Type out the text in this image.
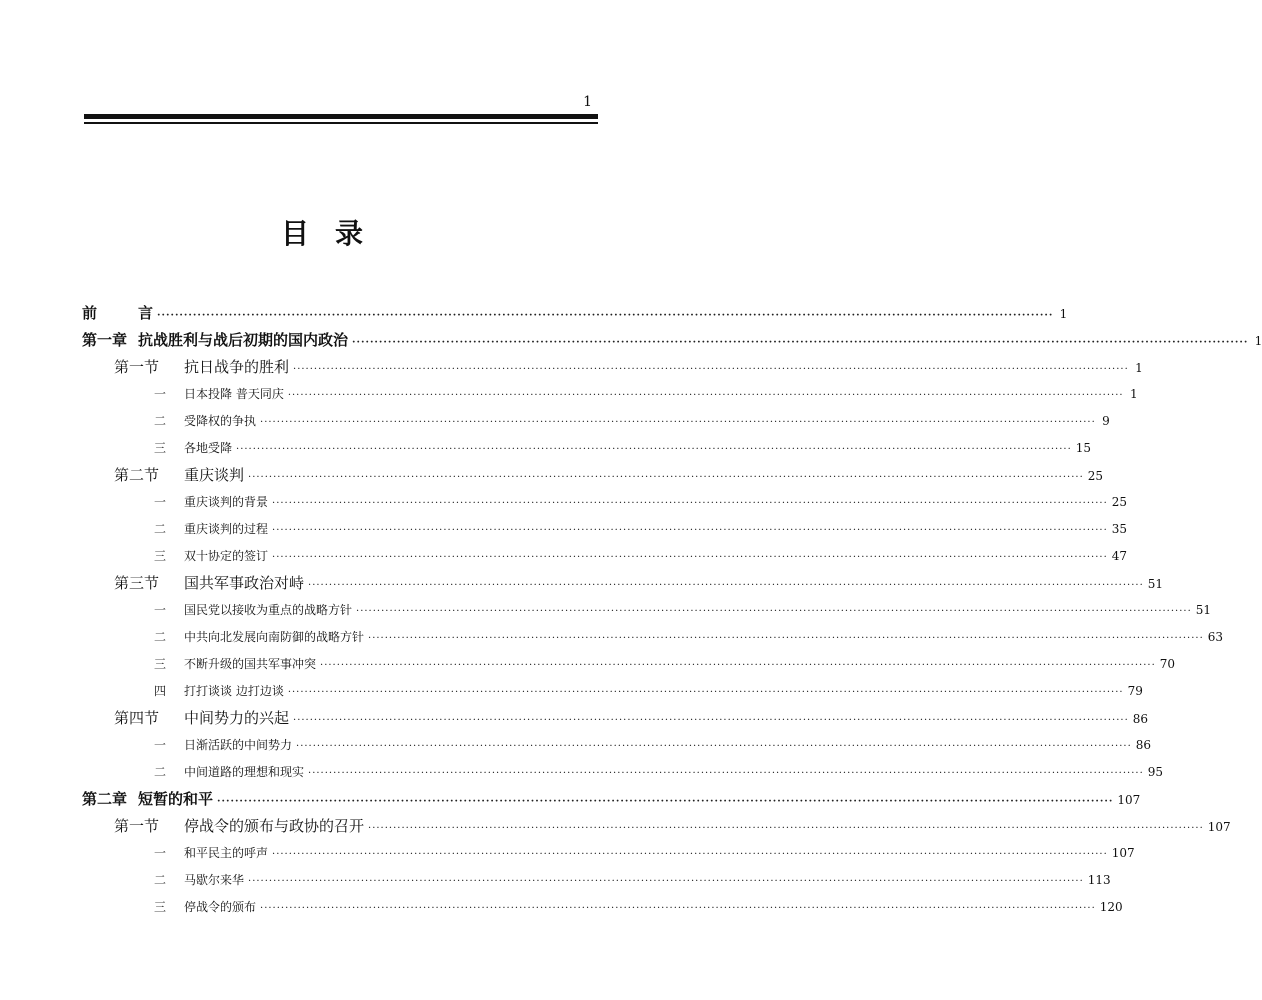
1
目录
前	言 ········································································································································································································ 1
第一章 抗战胜利与战后初期的国内政治 ········································································································································································································ 1
第一节	抗日战争的胜利 ········································································································································································································ 1
一	日本投降 普天同庆 ········································································································································································································ 1
二	受降权的争执 ········································································································································································································ 9
三	各地受降 ········································································································································································································ 15
第二节	重庆谈判 ········································································································································································································ 25
一	重庆谈判的背景 ········································································································································································································ 25
二	重庆谈判的过程 ········································································································································································································ 35
三	双十协定的签订 ········································································································································································································ 47
第三节	国共军事政治对峙 ········································································································································································································ 51
一	国民党以接收为重点的战略方针 ········································································································································································································ 51
二	中共向北发展向南防御的战略方针 ········································································································································································································ 63
三	不断升级的国共军事冲突 ········································································································································································································ 70
四	打打谈谈 边打边谈 ········································································································································································································ 79
第四节	中间势力的兴起 ········································································································································································································ 86
一	日渐活跃的中间势力 ········································································································································································································ 86
二	中间道路的理想和现实 ········································································································································································································ 95
第二章 短暂的和平 ········································································································································································································ 107
第一节	停战令的颁布与政协的召开 ········································································································································································································ 107
一	和平民主的呼声 ········································································································································································································ 107
二	马歇尔来华 ········································································································································································································ 113
三	停战令的颁布 ········································································································································································································ 120
